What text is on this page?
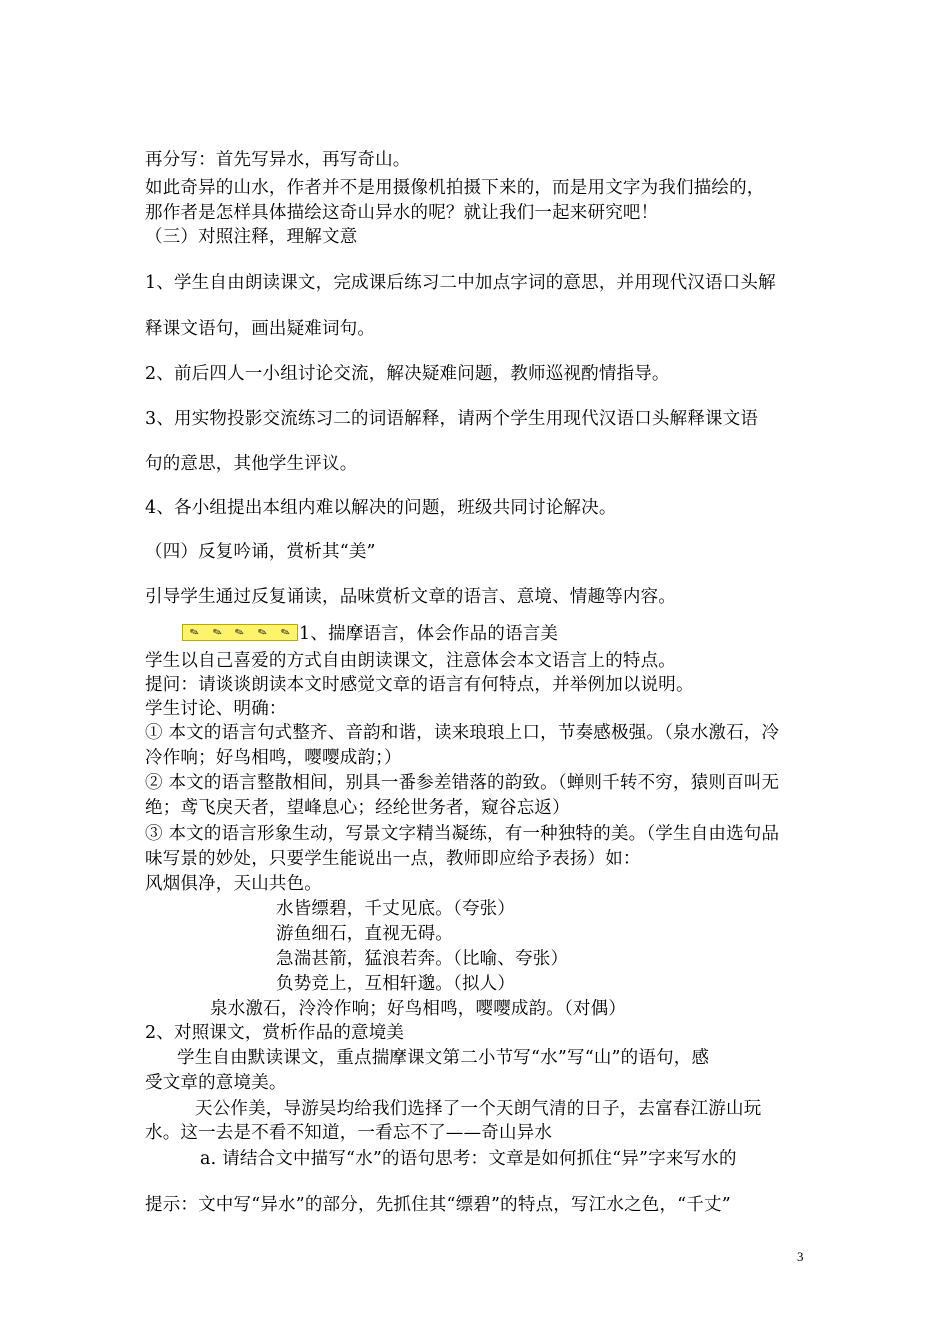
再分写：首先写异水，再写奇山。
如此奇异的山水，作者并不是用摄像机拍摄下来的，而是用文字为我们描绘的，
那作者是怎样具体描绘这奇山异水的呢？就让我们一起来研究吧！
（三）对照注释，理解文意
1、学生自由朗读课文，完成课后练习二中加点字词的意思，并用现代汉语口头解
释课文语句，画出疑难词句。
2、前后四人一小组讨论交流，解决疑难问题，教师巡视酌情指导。
3、用实物投影交流练习二的词语解释，请两个学生用现代汉语口头解释课文语
句的意思，其他学生评议。
4、各小组提出本组内难以解决的问题，班级共同讨论解决。
（四）反复吟诵，赏析其“美”
引导学生通过反复诵读，品味赏析文章的语言、意境、情趣等内容。
✎ ✎ ✎ ✎ ✎ 1、揣摩语言，体会作品的语言美
学生以自己喜爱的方式自由朗读课文，注意体会本文语言上的特点。
提问：请谈谈朗读本文时感觉文章的语言有何特点，并举例加以说明。
学生讨论、明确：
① 本文的语言句式整齐、音韵和谐，读来琅琅上口，节奏感极强。（泉水激石，冷
冷作响；好鸟相鸣，嘤嘤成韵；）
② 本文的语言整散相间，别具一番参差错落的韵致。（蝉则千转不穷，猿则百叫无
绝；鸢飞戾天者，望峰息心；经纶世务者，窥谷忘返）
③ 本文的语言形象生动，写景文字精当凝练，有一种独特的美。（学生自由选句品
味写景的妙处，只要学生能说出一点，教师即应给予表扬）如：
风烟俱净，天山共色。
水皆缥碧，千丈见底。（夸张）
游鱼细石，直视无碍。
急湍甚箭，猛浪若奔。（比喻、夸张）
负势竞上，互相轩邈。（拟人）
泉水激石，泠泠作响；好鸟相鸣，嘤嘤成韵。（对偶）
2、对照课文，赏析作品的意境美
学生自由默读课文，重点揣摩课文第二小节写“水”写“山”的语句，感
受文章的意境美。
天公作美，导游吴均给我们选择了一个天朗气清的日子，去富春江游山玩
水。这一去是不看不知道，一看忘不了——奇山异水
a. 请结合文中描写“水”的语句思考：文章是如何抓住“异”字来写水的
提示：文中写“异水”的部分，先抓住其“缥碧”的特点，写江水之色，“千丈”
3
